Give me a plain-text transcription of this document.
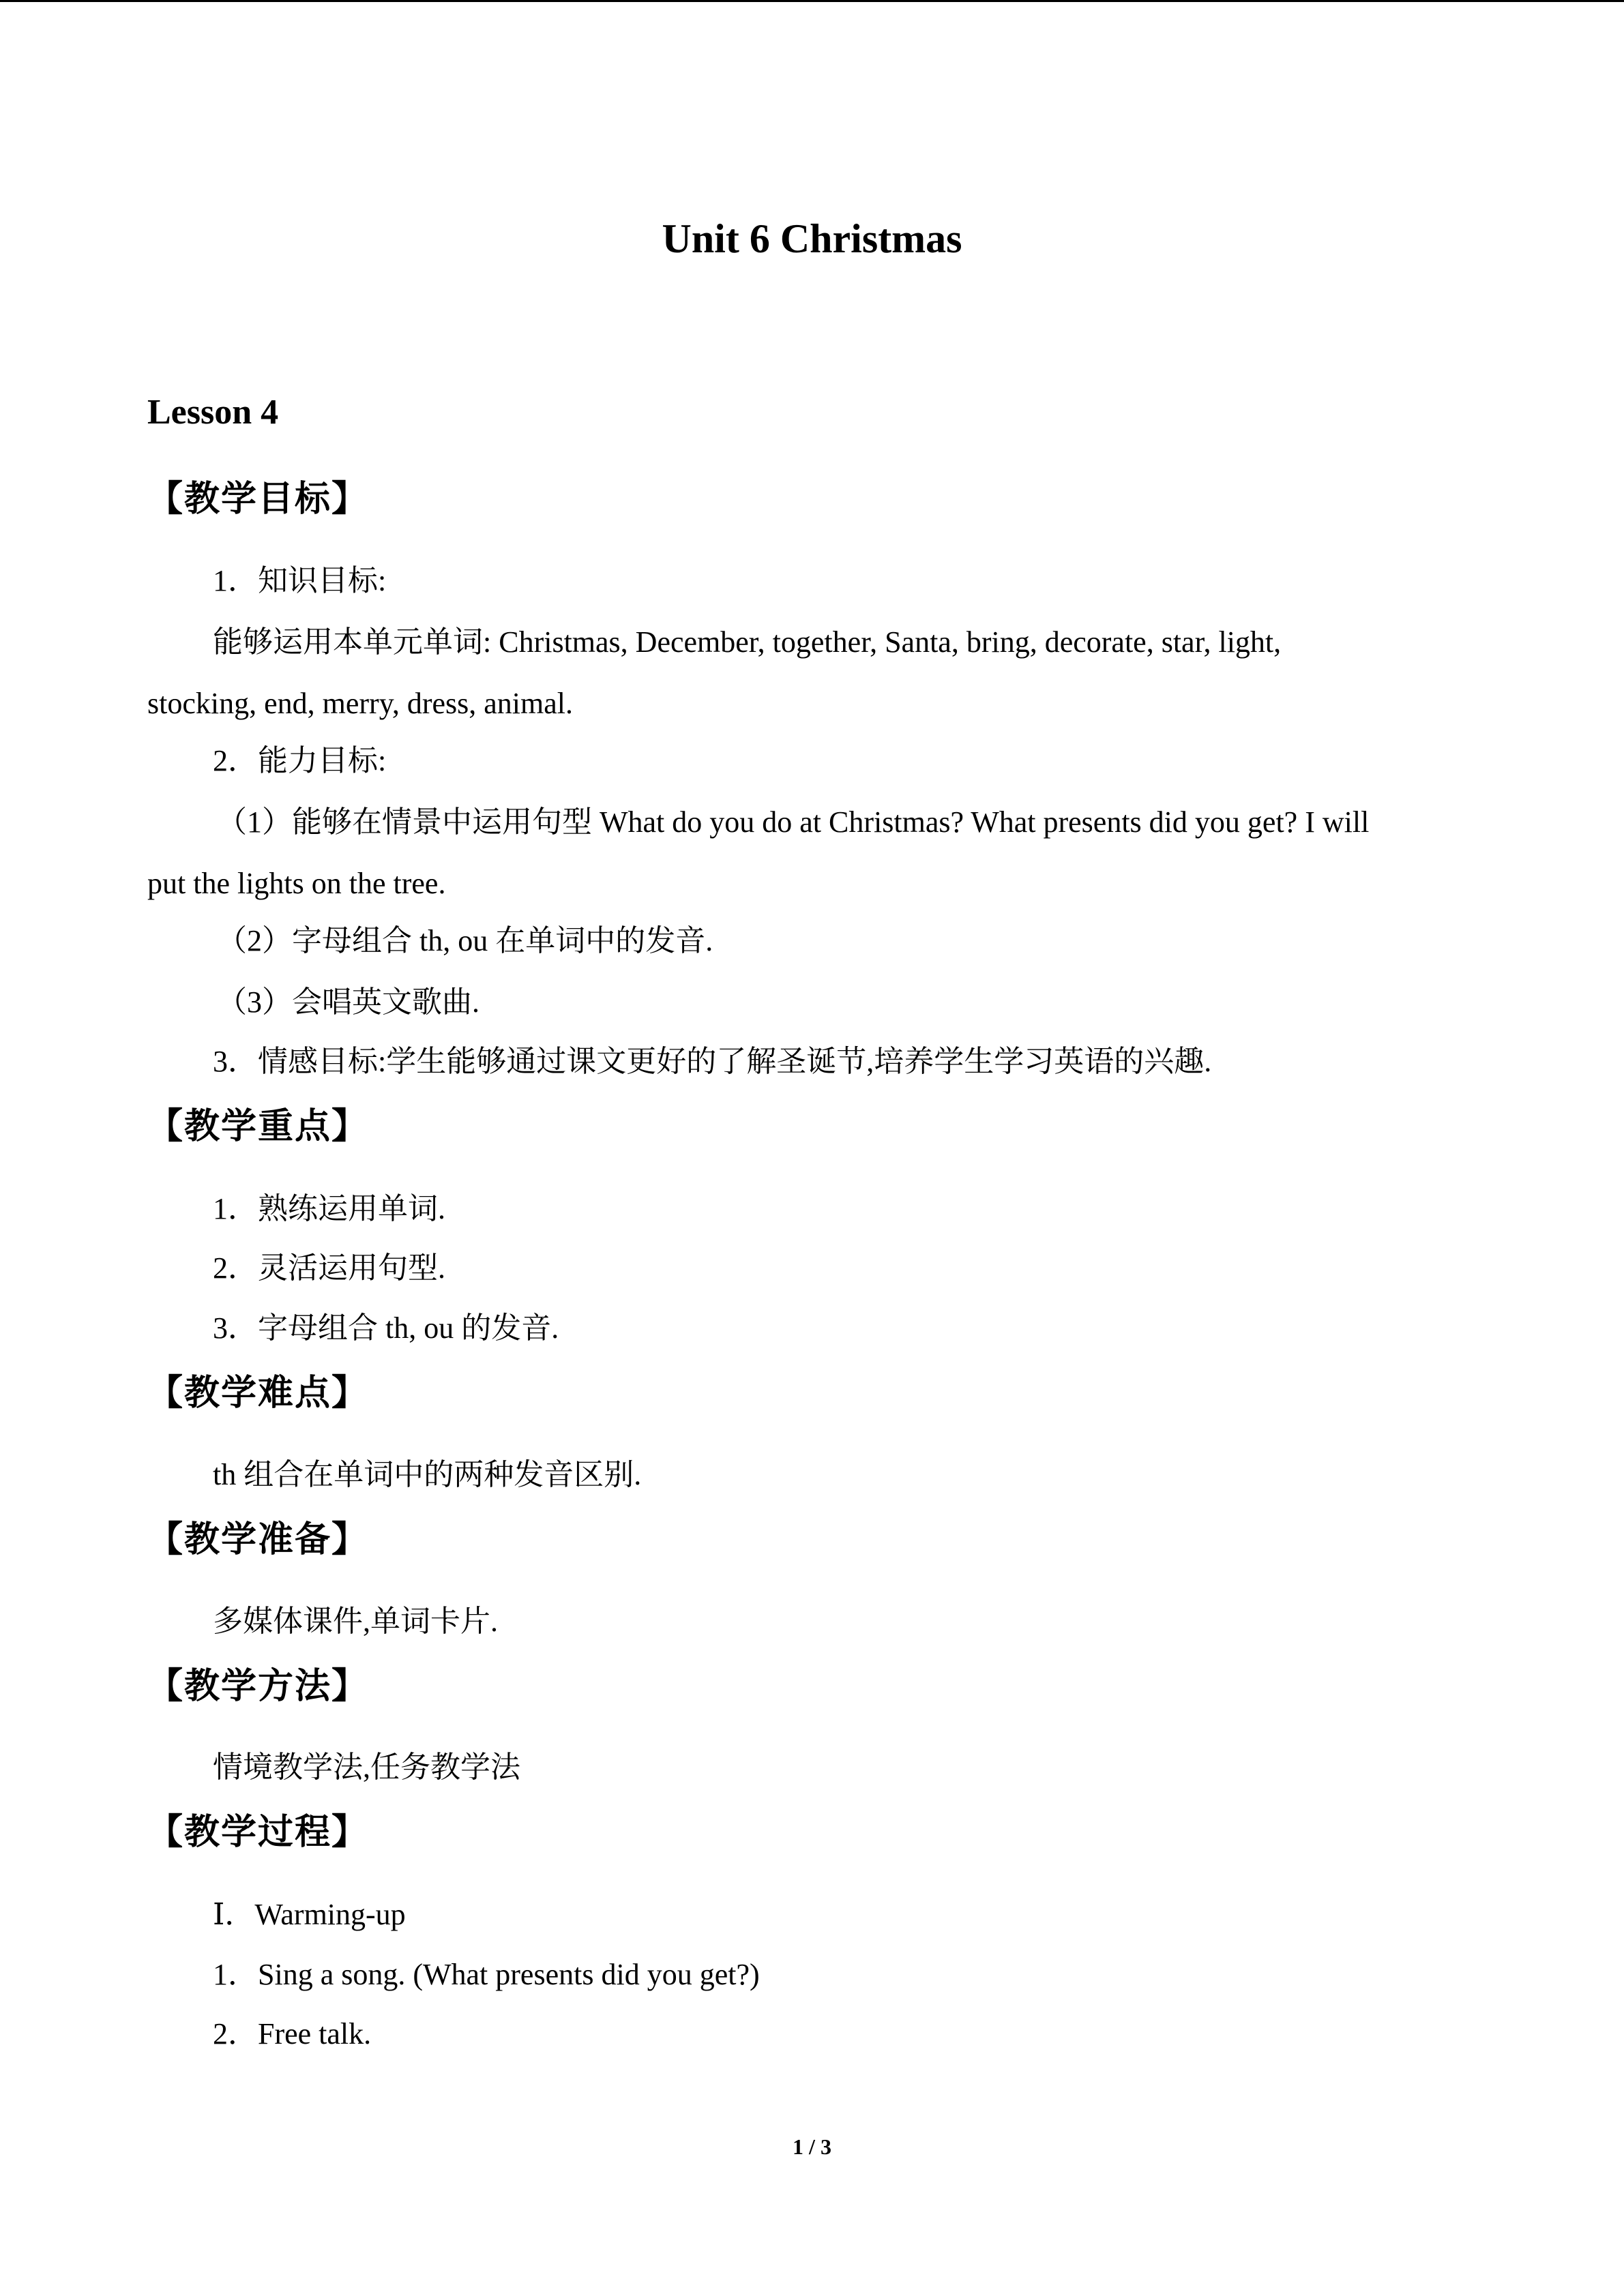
Unit 6 Christmas
Lesson 4
【教学目标】
1．知识目标:
能够运用本单元单词: Christmas, December, together, Santa, bring, decorate, star, light,
stocking, end, merry, dress, animal.
2．能力目标:
（1）能够在情景中运用句型 What do you do at Christmas? What presents did you get? I will
put the lights on the tree.
（2）字母组合 th, ou 在单词中的发音.
（3）会唱英文歌曲.
3．情感目标:学生能够通过课文更好的了解圣诞节,培养学生学习英语的兴趣.
【教学重点】
1．熟练运用单词.
2．灵活运用句型.
3．字母组合 th, ou 的发音.
【教学难点】
th 组合在单词中的两种发音区别.
【教学准备】
多媒体课件,单词卡片.
【教学方法】
情境教学法,任务教学法
【教学过程】
Ⅰ．Warming-up
1．Sing a song. (What presents did you get?)
2．Free talk.
1 / 3
